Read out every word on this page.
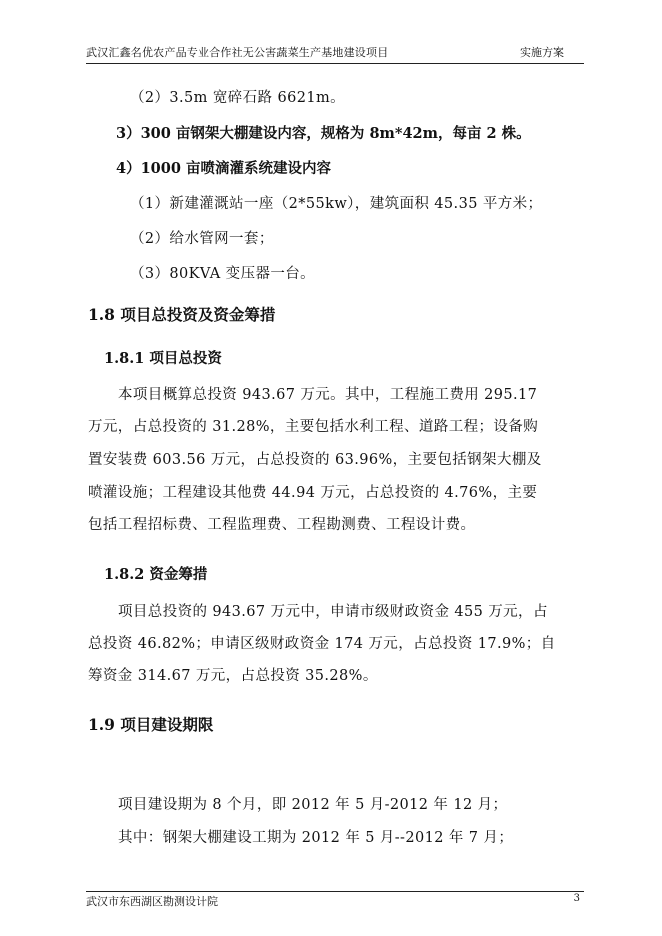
武汉汇鑫名优农产品专业合作社无公害蔬菜生产基地建设项目	实施方案
（2）3.5m 宽碎石路 6621m。
3）300 亩钢架大棚建设内容，规格为 8m*42m，每亩 2 株。
4）1000 亩喷滴灌系统建设内容
（1）新建灌溉站一座（2*55kw），建筑面积 45.35 平方米；
（2）给水管网一套；
（3）80KVA 变压器一台。
1.8 项目总投资及资金筹措
1.8.1 项目总投资
本项目概算总投资 943.67 万元。其中，工程施工费用 295.17
万元，占总投资的 31.28%，主要包括水利工程、道路工程；设备购
置安装费 603.56 万元，占总投资的 63.96%，主要包括钢架大棚及
喷灌设施；工程建设其他费 44.94 万元，占总投资的 4.76%，主要
包括工程招标费、工程监理费、工程勘测费、工程设计费。
1.8.2 资金筹措
项目总投资的 943.67 万元中，申请市级财政资金 455 万元，占
总投资 46.82%；申请区级财政资金 174 万元，占总投资 17.9%；自
筹资金 314.67 万元，占总投资 35.28%。
1.9 项目建设期限
项目建设期为 8 个月，即 2012 年 5 月-2012 年 12 月；
其中：钢架大棚建设工期为 2012 年 5 月--2012 年 7 月；
武汉市东西湖区勘测设计院	3
